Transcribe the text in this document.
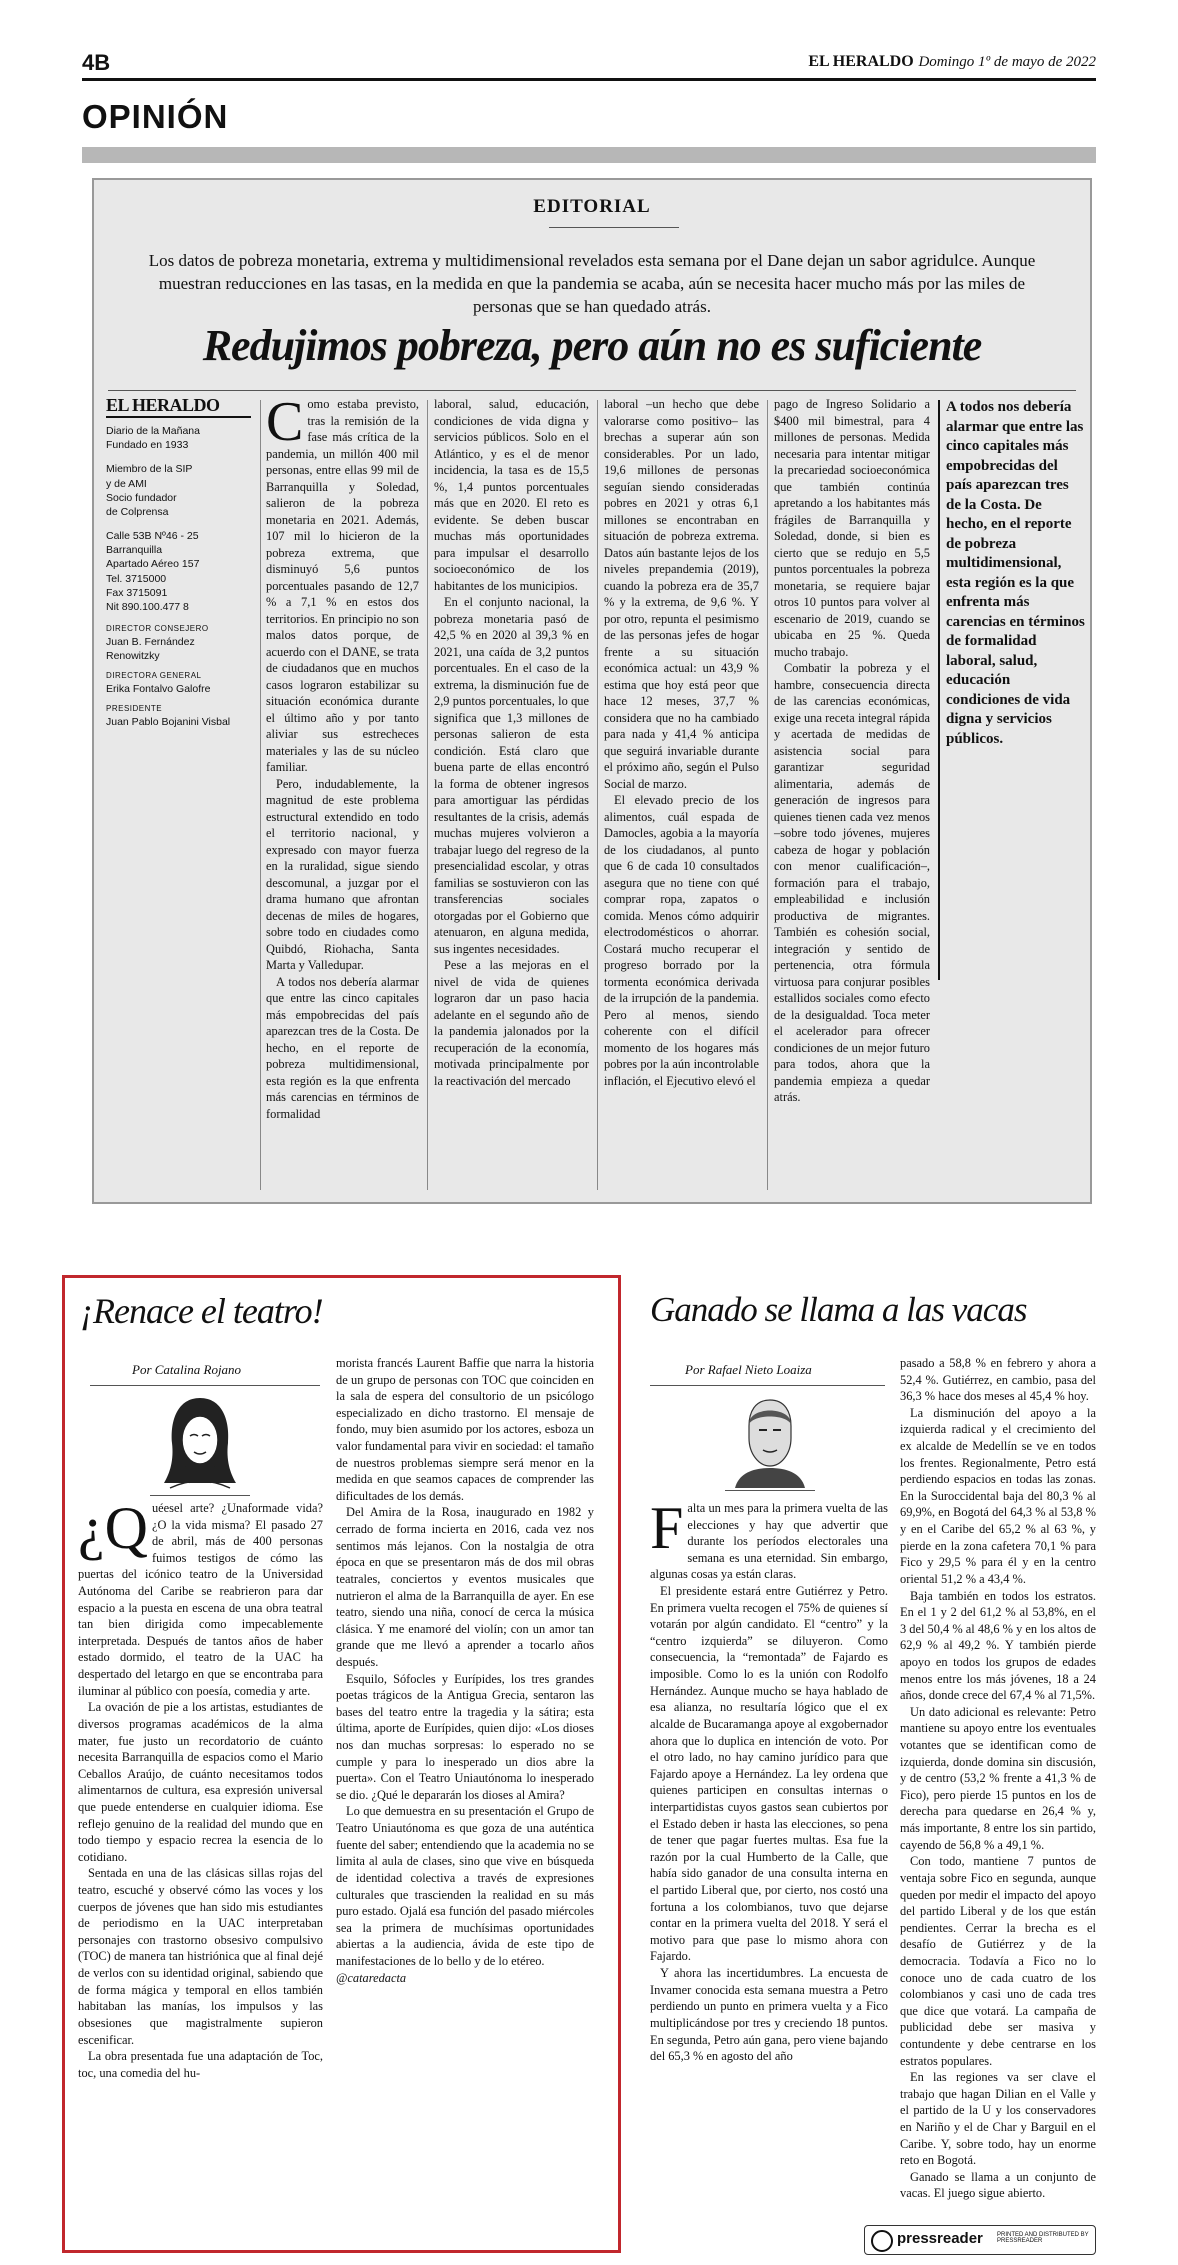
4B	EL HERALDO Domingo 1º de mayo de 2022
OPINIÓN
EDITORIAL
Los datos de pobreza monetaria, extrema y multidimensional revelados esta semana por el Dane dejan un sabor agridulce. Aunque muestran reducciones en las tasas, en la medida en que la pandemia se acaba, aún se necesita hacer mucho más por las miles de personas que se han quedado atrás.
Redujimos pobreza, pero aún no es suficiente
EL HERALDO

Diario de la Mañana
Fundado en 1933

Miembro de la SIP
y de AMI
Socio fundador
de Colprensa

Calle 53B Nº46 - 25
Barranquilla
Apartado Aéreo 157
Tel. 3715000
Fax 3715091
Nit 890.100.477 8

DIRECTOR CONSEJERO

Juan B. Fernández Renowitzky

DIRECTORA GENERAL

Erika Fontalvo Galofre

PRESIDENTE

Juan Pablo Bojanini Visbal

Como estaba previsto, tras la remisión de la fase más crítica de la pandemia, un millón 400 mil personas, entre ellas 99 mil de Barranquilla y Soledad, salieron de la pobreza monetaria en 2021. Además, 107 mil lo hicieron de la pobreza extrema, que disminuyó 5,6 puntos porcentuales pasando de 12,7 % a 7,1 % en estos dos territorios. En principio no son malos datos porque, de acuerdo con el DANE, se trata de ciudadanos que en muchos casos lograron estabilizar su situación económica durante el último año y por tanto aliviar sus estrecheces materiales y las de su núcleo familiar.

Pero, indudablemente, la magnitud de este problema estructural extendido en todo el territorio nacional, y expresado con mayor fuerza en la ruralidad, sigue siendo descomunal, a juzgar por el drama humano que afrontan decenas de miles de hogares, sobre todo en ciudades como Quibdó, Riohacha, Santa Marta y Valledupar.

A todos nos debería alarmar que entre las cinco capitales más empobrecidas del país aparezcan tres de la Costa. De hecho, en el reporte de pobreza multidimensional, esta región es la que enfrenta más carencias en términos de formalidad

laboral, salud, educación, condiciones de vida digna y servicios públicos. Solo en el Atlántico, y es el de menor incidencia, la tasa es de 15,5 %, 1,4 puntos porcentuales más que en 2020. El reto es evidente. Se deben buscar muchas más oportunidades para impulsar el desarrollo socioeconómico de los habitantes de los municipios.

En el conjunto nacional, la pobreza monetaria pasó de 42,5 % en 2020 al 39,3 % en 2021, una caída de 3,2 puntos porcentuales. En el caso de la extrema, la disminución fue de 2,9 puntos porcentuales, lo que significa que 1,3 millones de personas salieron de esta condición. Está claro que buena parte de ellas encontró la forma de obtener ingresos para amortiguar las pérdidas resultantes de la crisis, además muchas mujeres volvieron a trabajar luego del regreso de la presencialidad escolar, y otras familias se sostuvieron con las transferencias sociales otorgadas por el Gobierno que atenuaron, en alguna medida, sus ingentes necesidades.

Pese a las mejoras en el nivel de vida de quienes lograron dar un paso hacia adelante en el segundo año de la pandemia jalonados por la recuperación de la economía, motivada principalmente por la reactivación del mercado

laboral –un hecho que debe valorarse como positivo– las brechas a superar aún son considerables. Por un lado, 19,6 millones de personas seguían siendo consideradas pobres en 2021 y otras 6,1 millones se encontraban en situación de pobreza extrema. Datos aún bastante lejos de los niveles prepandemia (2019), cuando la pobreza era de 35,7 % y la extrema, de 9,6 %. Y por otro, repunta el pesimismo de las personas jefes de hogar frente a su situación económica actual: un 43,9 % estima que hoy está peor que hace 12 meses, 37,7 % considera que no ha cambiado para nada y 41,4 % anticipa que seguirá invariable durante el próximo año, según el Pulso Social de marzo.

El elevado precio de los alimentos, cuál espada de Damocles, agobia a la mayoría de los ciudadanos, al punto que 6 de cada 10 consultados asegura que no tiene con qué comprar ropa, zapatos o comida. Menos cómo adquirir electrodomésticos o ahorrar. Costará mucho recuperar el progreso borrado por la tormenta económica derivada de la irrupción de la pandemia. Pero al menos, siendo coherente con el difícil momento de los hogares más pobres por la aún incontrolable inflación, el Ejecutivo elevó el

pago de Ingreso Solidario a $400 mil bimestral, para 4 millones de personas. Medida necesaria para intentar mitigar la precariedad socioeconómica que también continúa apretando a los habitantes más frágiles de Barranquilla y Soledad, donde, si bien es cierto que se redujo en 5,5 puntos porcentuales la pobreza monetaria, se requiere bajar otros 10 puntos para volver al escenario de 2019, cuando se ubicaba en 25 %. Queda mucho trabajo.

Combatir la pobreza y el hambre, consecuencia directa de las carencias económicas, exige una receta integral rápida y acertada de medidas de asistencia social para garantizar seguridad alimentaria, además de generación de ingresos para quienes tienen cada vez menos –sobre todo jóvenes, mujeres cabeza de hogar y población con menor cualificación–, formación para el trabajo, empleabilidad e inclusión productiva de migrantes. También es cohesión social, integración y sentido de pertenencia, otra fórmula virtuosa para conjurar posibles estallidos sociales como efecto de la desigualdad. Toca meter el acelerador para ofrecer condiciones de un mejor futuro para todos, ahora que la pandemia empieza a quedar atrás.

A todos nos debería alarmar que entre las cinco capitales más empobrecidas del país aparezcan tres de la Costa. De hecho, en el reporte de pobreza multidimensional, esta región es la que enfrenta más carencias en términos de formalidad laboral, salud, educación condiciones de vida digna y servicios públicos.
¡Renace el teatro!
Por Catalina Rojano

¿Q uéesel arte? ¿Unaformade vida? ¿O la vida misma? El pasado 27 de abril, más de 400 personas fuimos testigos de cómo las puertas del icónico teatro de la Universidad Autónoma del Caribe se reabrieron para dar espacio a la puesta en escena de una obra teatral tan bien dirigida como impecablemente interpretada. Después de tantos años de haber estado dormido, el teatro de la UAC ha despertado del letargo en que se encontraba para iluminar al público con poesía, comedia y arte.

La ovación de pie a los artistas, estudiantes de diversos programas académicos de la alma mater, fue justo un recordatorio de cuánto necesita Barranquilla de espacios como el Mario Ceballos Araújo, de cuánto necesitamos todos alimentarnos de cultura, esa expresión universal que puede entenderse en cualquier idioma. Ese reflejo genuino de la realidad del mundo que en todo tiempo y espacio recrea la esencia de lo cotidiano.

Sentada en una de las clásicas sillas rojas del teatro, escuché y observé cómo las voces y los cuerpos de jóvenes que han sido mis estudiantes de periodismo en la UAC interpretaban personajes con trastorno obsesivo compulsivo (TOC) de manera tan histriónica que al final dejé de verlos con su identidad original, sabiendo que de forma mágica y temporal en ellos también habitaban las manías, los impulsos y las obsesiones que magistralmente supieron escenificar.

La obra presentada fue una adaptación de Toc, toc, una comedia del hu-

morista francés Laurent Baffie que narra la historia de un grupo de personas con TOC que coinciden en la sala de espera del consultorio de un psicólogo especializado en dicho trastorno. El mensaje de fondo, muy bien asumido por los actores, esboza un valor fundamental para vivir en sociedad: el tamaño de nuestros problemas siempre será menor en la medida en que seamos capaces de comprender las dificultades de los demás.

Del Amira de la Rosa, inaugurado en 1982 y cerrado de forma incierta en 2016, cada vez nos sentimos más lejanos. Con la nostalgia de otra época en que se presentaron más de dos mil obras teatrales, conciertos y eventos musicales que nutrieron el alma de la Barranquilla de ayer. En ese teatro, siendo una niña, conocí de cerca la música clásica. Y me enamoré del violín; con un amor tan grande que me llevó a aprender a tocarlo años después.

Esquilo, Sófocles y Eurípides, los tres grandes poetas trágicos de la Antigua Grecia, sentaron las bases del teatro entre la tragedia y la sátira; esta última, aporte de Eurípides, quien dijo: «Los dioses nos dan muchas sorpresas: lo esperado no se cumple y para lo inesperado un dios abre la puerta». Con el Teatro Uniautónoma lo inesperado se dio. ¿Qué le depararán los dioses al Amira?

Lo que demuestra en su presentación el Grupo de Teatro Uniautónoma es que goza de una auténtica fuente del saber; entendiendo que la academia no se limita al aula de clases, sino que vive en búsqueda de identidad colectiva a través de expresiones culturales que trascienden la realidad en su más puro estado. Ojalá esa función del pasado miércoles sea la primera de muchísimas oportunidades abiertas a la audiencia, ávida de este tipo de manifestaciones de lo bello y de lo etéreo.

@cataredacta

Ganado se llama a las vacas
Por Rafael Nieto Loaiza

Falta un mes para la primera vuelta de las elecciones y hay que advertir que durante los períodos electorales una semana es una eternidad. Sin embargo, algunas cosas ya están claras.

El presidente estará entre Gutiérrez y Petro. En primera vuelta recogen el 75% de quienes sí votarán por algún candidato. El “centro” y la “centro izquierda” se diluyeron. Como consecuencia, la “remontada” de Fajardo es imposible. Como lo es la unión con Rodolfo Hernández. Aunque mucho se haya hablado de esa alianza, no resultaría lógico que el ex alcalde de Bucaramanga apoye al exgobernador ahora que lo duplica en intención de voto. Por el otro lado, no hay camino jurídico para que Fajardo apoye a Hernández. La ley ordena que quienes participen en consultas internas o interpartidistas cuyos gastos sean cubiertos por el Estado deben ir hasta las elecciones, so pena de tener que pagar fuertes multas. Esa fue la razón por la cual Humberto de la Calle, que había sido ganador de una consulta interna en el partido Liberal que, por cierto, nos costó una fortuna a los colombianos, tuvo que dejarse contar en la primera vuelta del 2018. Y será el motivo para que pase lo mismo ahora con Fajardo.

Y ahora las incertidumbres. La encuesta de Invamer conocida esta semana muestra a Petro perdiendo un punto en primera vuelta y a Fico multiplicándose por tres y creciendo 18 puntos. En segunda, Petro aún gana, pero viene bajando del 65,3 % en agosto del año

pasado a 58,8 % en febrero y ahora a 52,4 %. Gutiérrez, en cambio, pasa del 36,3 % hace dos meses al 45,4 % hoy.

La disminución del apoyo a la izquierda radical y el crecimiento del ex alcalde de Medellín se ve en todos los frentes. Regionalmente, Petro está perdiendo espacios en todas las zonas. En la Suroccidental baja del 80,3 % al 69,9%, en Bogotá del 64,3 % al 53,8 % y en el Caribe del 65,2 % al 63 %, y pierde en la zona cafetera 70,1 % para Fico y 29,5 % para él y en la centro oriental 51,2 % a 43,4 %.

Baja también en todos los estratos. En el 1 y 2 del 61,2 % al 53,8%, en el 3 del 50,4 % al 48,6 % y en los altos de 62,9 % al 49,2 %. Y también pierde apoyo en todos los grupos de edades menos entre los más jóvenes, 18 a 24 años, donde crece del 67,4 % al 71,5%.

Un dato adicional es relevante: Petro mantiene su apoyo entre los eventuales votantes que se identifican como de izquierda, donde domina sin discusión, y de centro (53,2 % frente a 41,3 % de Fico), pero pierde 15 puntos en los de derecha para quedarse en 26,4 % y, más importante, 8 entre los sin partido, cayendo de 56,8 % a 49,1 %.

Con todo, mantiene 7 puntos de ventaja sobre Fico en segunda, aunque queden por medir el impacto del apoyo del partido Liberal y de los que están pendientes. Cerrar la brecha es el desafío de Gutiérrez y de la democracia. Todavía a Fico no lo conoce uno de cada cuatro de los colombianos y casi uno de cada tres que dice que votará. La campaña de publicidad debe ser masiva y contundente y debe centrarse en los estratos populares.

En las regiones va ser clave el trabajo que hagan Dilian en el Valle y el partido de la U y los conservadores en Nariño y el de Char y Barguil en el Caribe. Y, sobre todo, hay un enorme reto en Bogotá.

Ganado se llama a un conjunto de vacas. El juego sigue abierto.

pressreader PRINTED AND DISTRIBUTED BY PRESSREADER
